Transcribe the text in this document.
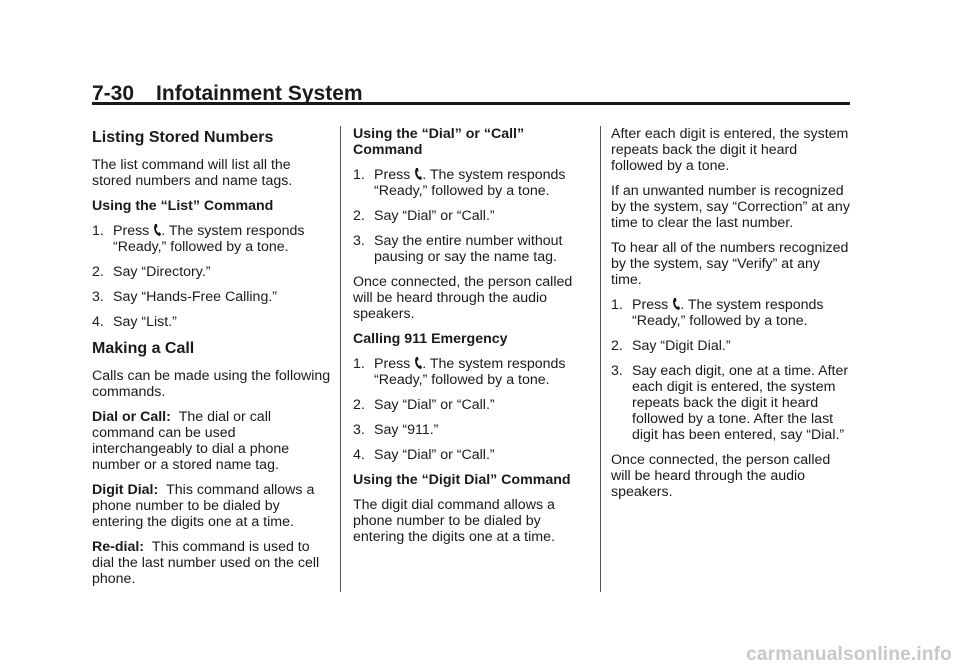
7-30 Infotainment System
Listing Stored Numbers

The list command will list all the stored numbers and name tags.

Using the “List” Command

1. Press . The system responds “Ready,” followed by a tone.
2. Say “Directory.”
3. Say “Hands-Free Calling.”
4. Say “List.”
Making a Call

Calls can be made using the following commands.

Dial or Call: The dial or call command can be used interchangeably to dial a phone number or a stored name tag.

Digit Dial: This command allows a phone number to be dialed by entering the digits one at a time.

Re-dial: This command is used to dial the last number used on the cell phone.

Using the “Dial” or “Call” Command

1. Press . The system responds “Ready,” followed by a tone.
2. Say “Dial” or “Call.”
3. Say the entire number without pausing or say the name tag.

Once connected, the person called will be heard through the audio speakers.

Calling 911 Emergency

1. Press . The system responds “Ready,” followed by a tone.
2. Say “Dial” or “Call.”
3. Say “911.”
4. Say “Dial” or “Call.”

Using the “Digit Dial” Command

The digit dial command allows a phone number to be dialed by entering the digits one at a time.

After each digit is entered, the system repeats back the digit it heard followed by a tone.

If an unwanted number is recognized by the system, say “Correction” at any time to clear the last number.

To hear all of the numbers recognized by the system, say “Verify” at any time.

1. Press . The system responds “Ready,” followed by a tone.
2. Say “Digit Dial.”
3. Say each digit, one at a time. After each digit is entered, the system repeats back the digit it heard followed by a tone. After the last digit has been entered, say “Dial.”

Once connected, the person called will be heard through the audio speakers.

carmanualsonline.info
